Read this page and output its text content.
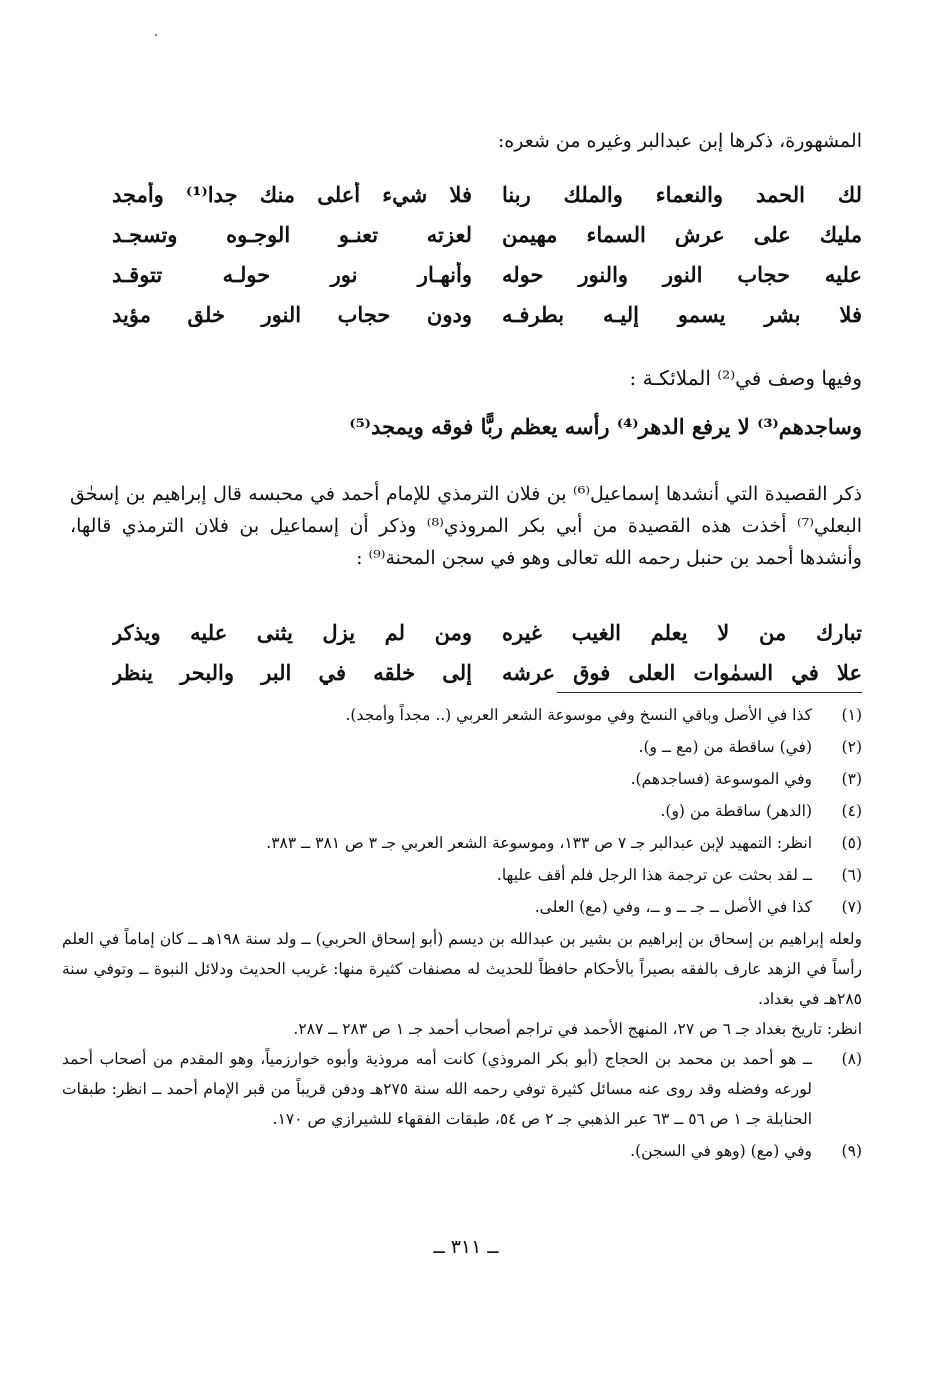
المشهورة، ذكرها إبن عبدالبر وغيره من شعره:
لك الحمد والنعماء والملك ربنا
فلا شيء أعلى منك جدا⁽¹⁾ وأمجد
مليك على عرش السماء مهيمن
لعزته تعنـو الوجـوه وتسجـد
عليه حجاب النور والنور حوله
وأنهـار نور حولـه تتوقـد
فلا بشر يسمو إليـه بطرفـه
ودون حجاب النور خلق مؤيد
وفيها وصف في⁽²⁾ الملائكـة :
وساجدهم⁽³⁾ لا يرفع الدهر⁽⁴⁾ رأسه يعظم ربًّا فوقه ويمجد⁽⁵⁾
ذكر القصيدة التي أنشدها إسماعيل⁽⁶⁾ بن فلان الترمذي للإمام أحمد في محبسه قال إبراهيم بن إسحٰق البعلي⁽⁷⁾ أخذت هذه القصيدة من أبي بكر المروذي⁽⁸⁾ وذكر أن إسماعيل بن فلان الترمذي قالها، وأنشدها أحمد بن حنبل رحمه الله تعالى وهو في سجن المحنة⁽⁹⁾ :
تبارك من لا يعلم الغيب غيره
ومن لم يزل يثنى عليه ويذكر
علا في السمٰوات العلى فوق عرشه
إلى خلقه في البر والبحر ينظر
(١)
كذا في الأصل وباقي النسخ وفي موسوعة الشعر العربي (.. مجداً وأمجد).
(٢)
(في) ساقطة من (مع ــ و).
(٣)
وفي الموسوعة (فساجدهم).
(٤)
(الدهر) ساقطة من (و).
(٥)
انظر: التمهيد لإبن عبدالبر جـ ٧ ص ١٣٣، وموسوعة الشعر العربي جـ ٣ ص ٣٨١ ــ ٣٨٣.
(٦)
ــ لقد بحثت عن ترجمة هذا الرجل فلم أقف عليها.
(٧)
كذا في الأصل ــ جـ ــ و ــ، وفي (مع) العلى.
ولعله إبراهيم بن إسحاق بن إبراهيم بن بشير بن عبدالله بن ديسم (أبو إسحاق الحربي) ــ ولد سنة ١٩٨هـ ــ كان إماماً في العلم رأساً في الزهد عارف بالفقه بصيراً بالأحكام حافظاً للحديث له مصنفات كثيرة منها: غريب الحديث ودلائل النبوة ــ وتوفي سنة ٢٨٥هـ في بغداد.
انظر: تاريخ بغداد جـ ٦ ص ٢٧، المنهج الأحمد في تراجم أصحاب أحمد جـ ١ ص ٢٨٣ ــ ٢٨٧.
(٨)
ــ هو أحمد بن محمد بن الحجاج (أبو بكر المروذي) كانت أمه مروذية وأبوه خوارزمياً، وهو المقدم من أصحاب أحمد لورعه وفضله وقد روى عنه مسائل كثيرة توفي رحمه الله سنة ٢٧٥هـ ودفن قريباً من قبر الإمام أحمد ــ انظر: طبقات الحنابلة جـ ١ ص ٥٦ ــ ٦٣ عبر الذهبي جـ ٢ ص ٥٤، طبقات الفقهاء للشيرازي ص ١٧٠.
(٩)
وفي (مع) (وهو في السجن).
ــ ٣١١ ــ
